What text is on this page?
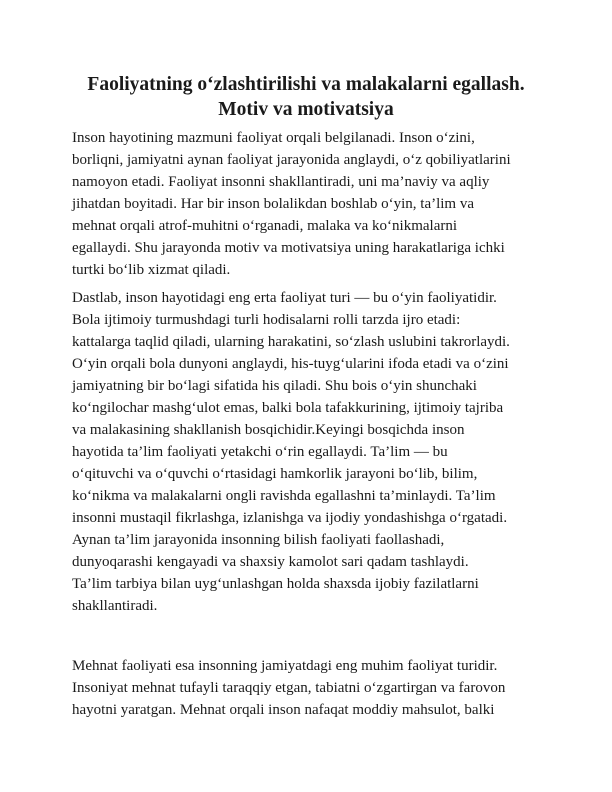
Faoliyatning o‘zlashtirilishi va malakalarni egallash.
Motiv va motivatsiya
Inson hayotining mazmuni faoliyat orqali belgilanadi. Inson o‘zini,
borliqni, jamiyatni aynan faoliyat jarayonida anglaydi, o‘z qobiliyatlarini
namoyon etadi. Faoliyat insonni shakllantiradi, uni ma’naviy va aqliy
jihatdan boyitadi. Har bir inson bolalikdan boshlab o‘yin, ta’lim va
mehnat orqali atrof-muhitni o‘rganadi, malaka va ko‘nikmalarni
egallaydi. Shu jarayonda motiv va motivatsiya uning harakatlariga ichki
turtki bo‘lib xizmat qiladi.
Dastlab, inson hayotidagi eng erta faoliyat turi — bu o‘yin faoliyatidir.
Bola ijtimoiy turmushdagi turli hodisalarni rolli tarzda ijro etadi:
kattalarga taqlid qiladi, ularning harakatini, so‘zlash uslubini takrorlaydi.
O‘yin orqali bola dunyoni anglaydi, his-tuyg‘ularini ifoda etadi va o‘zini
jamiyatning bir bo‘lagi sifatida his qiladi. Shu bois o‘yin shunchaki
ko‘ngilochar mashg‘ulot emas, balki bola tafakkurining, ijtimoiy tajriba
va malakasining shakllanish bosqichidir.Keyingi bosqichda inson
hayotida ta’lim faoliyati yetakchi o‘rin egallaydi. Ta’lim — bu
o‘qituvchi va o‘quvchi o‘rtasidagi hamkorlik jarayoni bo‘lib, bilim,
ko‘nikma va malakalarni ongli ravishda egallashni ta’minlaydi. Ta’lim
insonni mustaqil fikrlashga, izlanishga va ijodiy yondashishga o‘rgatadi.
Aynan ta’lim jarayonida insonning bilish faoliyati faollashadi,
dunyoqarashi kengayadi va shaxsiy kamolot sari qadam tashlaydi.
Ta’lim tarbiya bilan uyg‘unlashgan holda shaxsda ijobiy fazilatlarni
shakllantiradi.
Mehnat faoliyati esa insonning jamiyatdagi eng muhim faoliyat turidir.
Insoniyat mehnat tufayli taraqqiy etgan, tabiatni o‘zgartirgan va farovon
hayotni yaratgan. Mehnat orqali inson nafaqat moddiy mahsulot, balki
